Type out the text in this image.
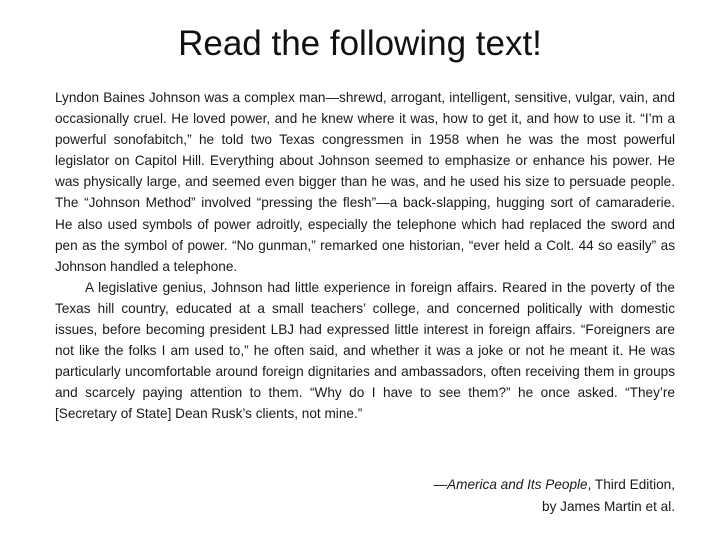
Read the following text!

Lyndon Baines Johnson was a complex man—shrewd, arrogant, intelligent, sensitive, vulgar, vain, and occasionally cruel. He loved power, and he knew where it was, how to get it, and how to use it. “I’m a powerful sonofabitch,” he told two Texas congressmen in 1958 when he was the most powerful legislator on Capitol Hill. Everything about Johnson seemed to emphasize or enhance his power. He was physically large, and seemed even bigger than he was, and he used his size to persuade people. The “Johnson Method” involved “pressing the flesh”—a back-slapping, hugging sort of camaraderie. He also used symbols of power adroitly, especially the telephone which had replaced the sword and pen as the symbol of power. “No gunman,” remarked one historian, “ever held a Colt. 44 so easily” as Johnson handled a telephone.

A legislative genius, Johnson had little experience in foreign affairs. Reared in the poverty of the Texas hill country, educated at a small teachers’ college, and concerned politically with domestic issues, before becoming president LBJ had expressed little interest in foreign affairs. “Foreigners are not like the folks I am used to,” he often said, and whether it was a joke or not he meant it. He was particularly uncomfortable around foreign dignitaries and ambassadors, often receiving them in groups and scarcely paying attention to them. “Why do I have to see them?” he once asked. “They’re [Secretary of State] Dean Rusk’s clients, not mine.”

—America and Its People, Third Edition,
by James Martin et al.
